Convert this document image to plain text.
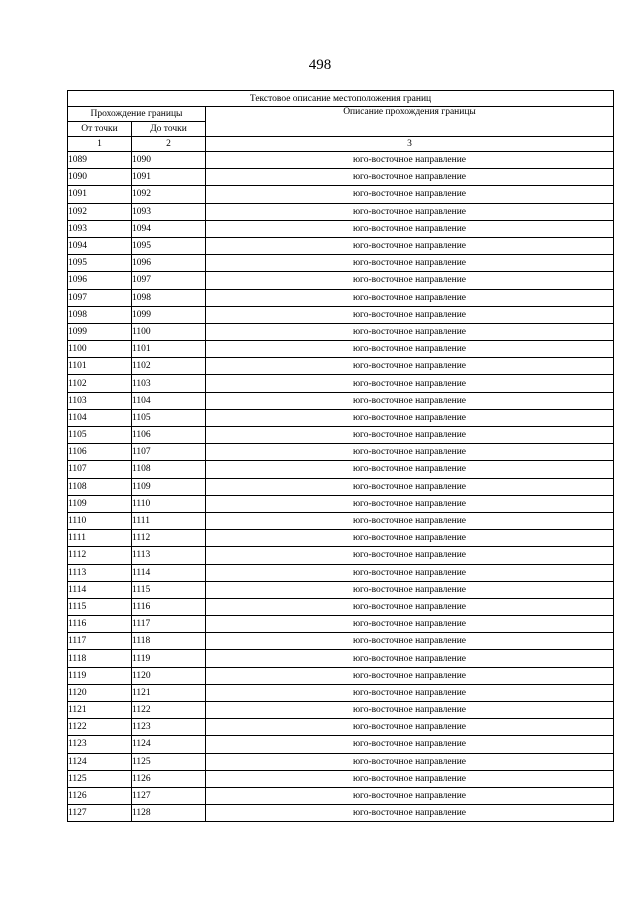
498
Текстовое описание местоположения границ		
Прохождение границы		Описание прохождения границы
От точки	До точки	
1	2	3
1089	1090	юго-восточное направление
1090	1091	юго-восточное направление
1091	1092	юго-восточное направление
1092	1093	юго-восточное направление
1093	1094	юго-восточное направление
1094	1095	юго-восточное направление
1095	1096	юго-восточное направление
1096	1097	юго-восточное направление
1097	1098	юго-восточное направление
1098	1099	юго-восточное направление
1099	1100	юго-восточное направление
1100	1101	юго-восточное направление
1101	1102	юго-восточное направление
1102	1103	юго-восточное направление
1103	1104	юго-восточное направление
1104	1105	юго-восточное направление
1105	1106	юго-восточное направление
1106	1107	юго-восточное направление
1107	1108	юго-восточное направление
1108	1109	юго-восточное направление
1109	1110	юго-восточное направление
1110	1111	юго-восточное направление
1111	1112	юго-восточное направление
1112	1113	юго-восточное направление
1113	1114	юго-восточное направление
1114	1115	юго-восточное направление
1115	1116	юго-восточное направление
1116	1117	юго-восточное направление
1117	1118	юго-восточное направление
1118	1119	юго-восточное направление
1119	1120	юго-восточное направление
1120	1121	юго-восточное направление
1121	1122	юго-восточное направление
1122	1123	юго-восточное направление
1123	1124	юго-восточное направление
1124	1125	юго-восточное направление
1125	1126	юго-восточное направление
1126	1127	юго-восточное направление
1127	1128	юго-восточное направление
